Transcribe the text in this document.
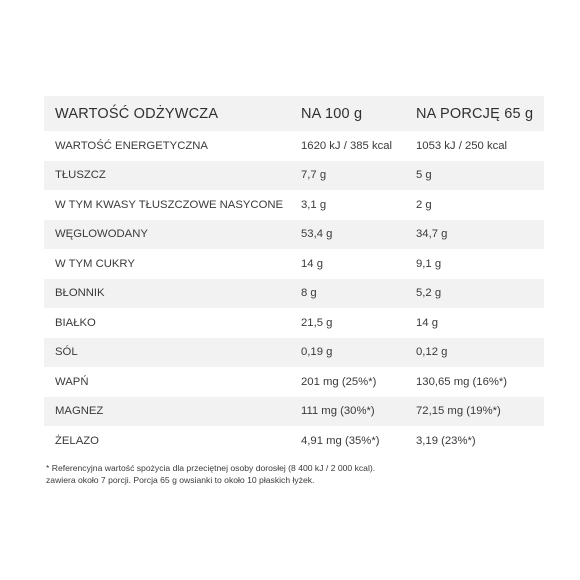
WARTOŚĆ ODŻYWCZA	NA 100 g	NA PORCJĘ 65 g
WARTOŚĆ ENERGETYCZNA	1620 kJ / 385 kcal	1053 kJ / 250 kcal
TŁUSZCZ	7,7 g	5 g
W TYM KWASY TŁUSZCZOWE NASYCONE	3,1 g	2 g
WĘGLOWODANY	53,4 g	34,7 g
W TYM CUKRY	14 g	9,1 g
BŁONNIK	8 g	5,2 g
BIAŁKO	21,5 g	14 g
SÓL	0,19 g	0,12 g
WAPŃ	201 mg (25%*)	130,65 mg (16%*)
MAGNEZ	111 mg (30%*)	72,15 mg (19%*)
ŻELAZO	4,91 mg (35%*)	3,19 (23%*)
* Referencyjna wartość spożycia dla przeciętnej osoby dorosłej (8 400 kJ / 2 000 kcal).
zawiera około 7 porcji. Porcja 65 g owsianki to około 10 płaskich łyżek.
